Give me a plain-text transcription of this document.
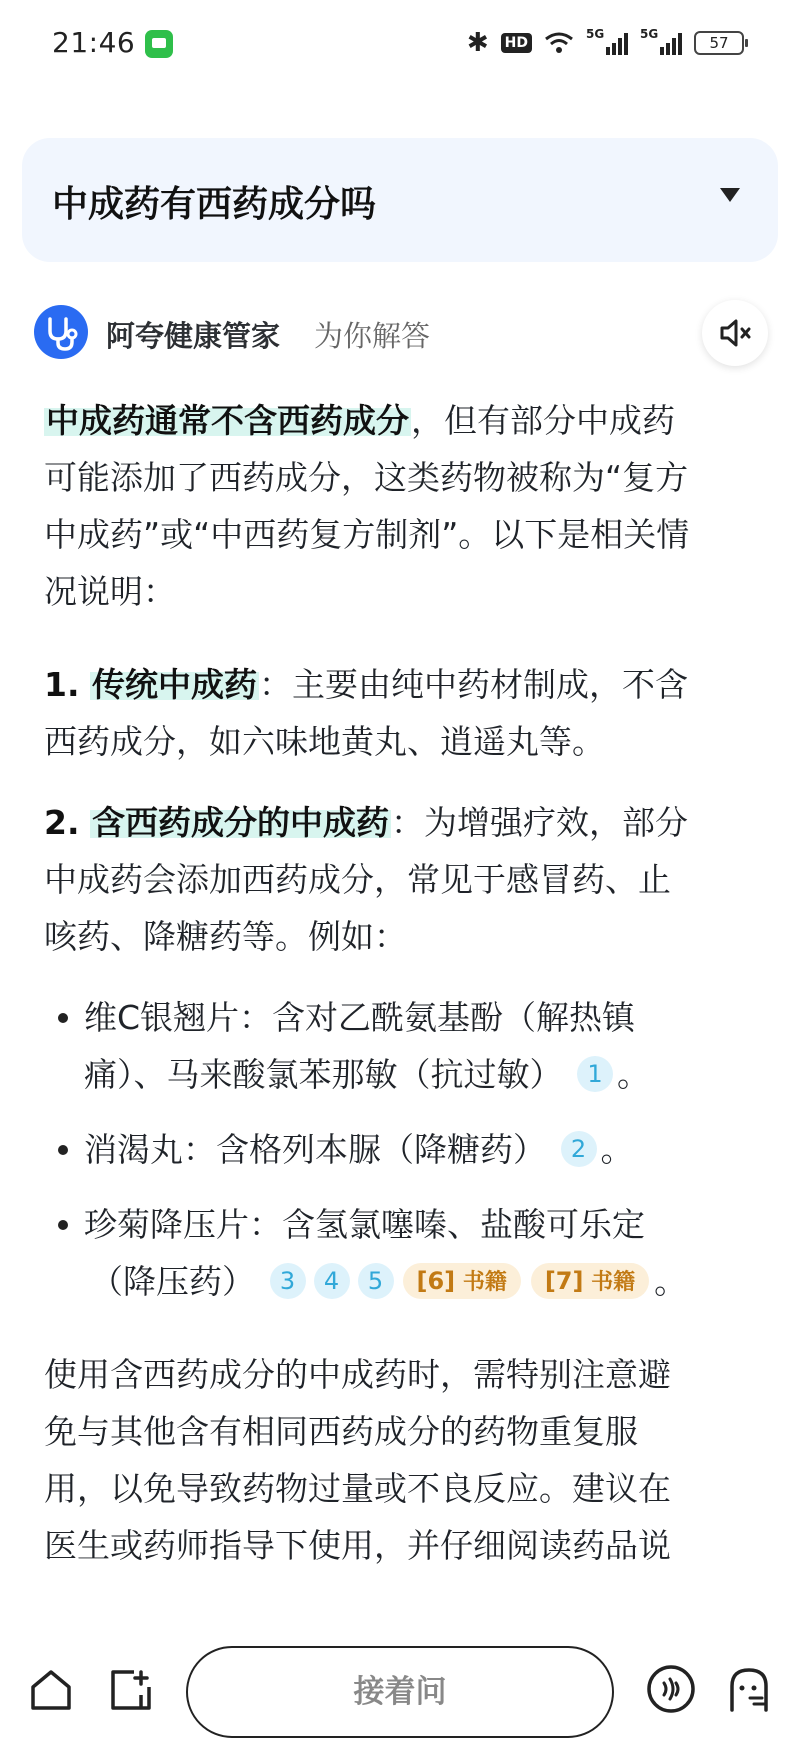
21:46	✱ HD
5G	5G	57
中成药有西药成分吗
阿夸健康管家 为你解答
中成药通常不含西药成分，但有部分中成药
可能添加了西药成分，这类药物被称为“复方
中成药”或“中西药复方制剂”。以下是相关情
况说明：
1. 传统中成药：主要由纯中药材制成，不含
西药成分，如六味地黄丸、逍遥丸等。
2. 含西药成分的中成药：为增强疗效，部分
中成药会添加西药成分，常见于感冒药、止
咳药、降糖药等。例如：
维C银翘片：含对乙酰氨基酚（解热镇
痛）、马来酸氯苯那敏（抗过敏） 1 。
消渴丸：含格列本脲（降糖药） 2 。
珍菊降压片：含氢氯噻嗪、盐酸可乐定
（降压药） 3 4 5 [6] 书籍 [7] 书籍 。
使用含西药成分的中成药时，需特别注意避
免与其他含有相同西药成分的药物重复服
用，以免导致药物过量或不良反应。建议在
医生或药师指导下使用，并仔细阅读药品说
接着问
